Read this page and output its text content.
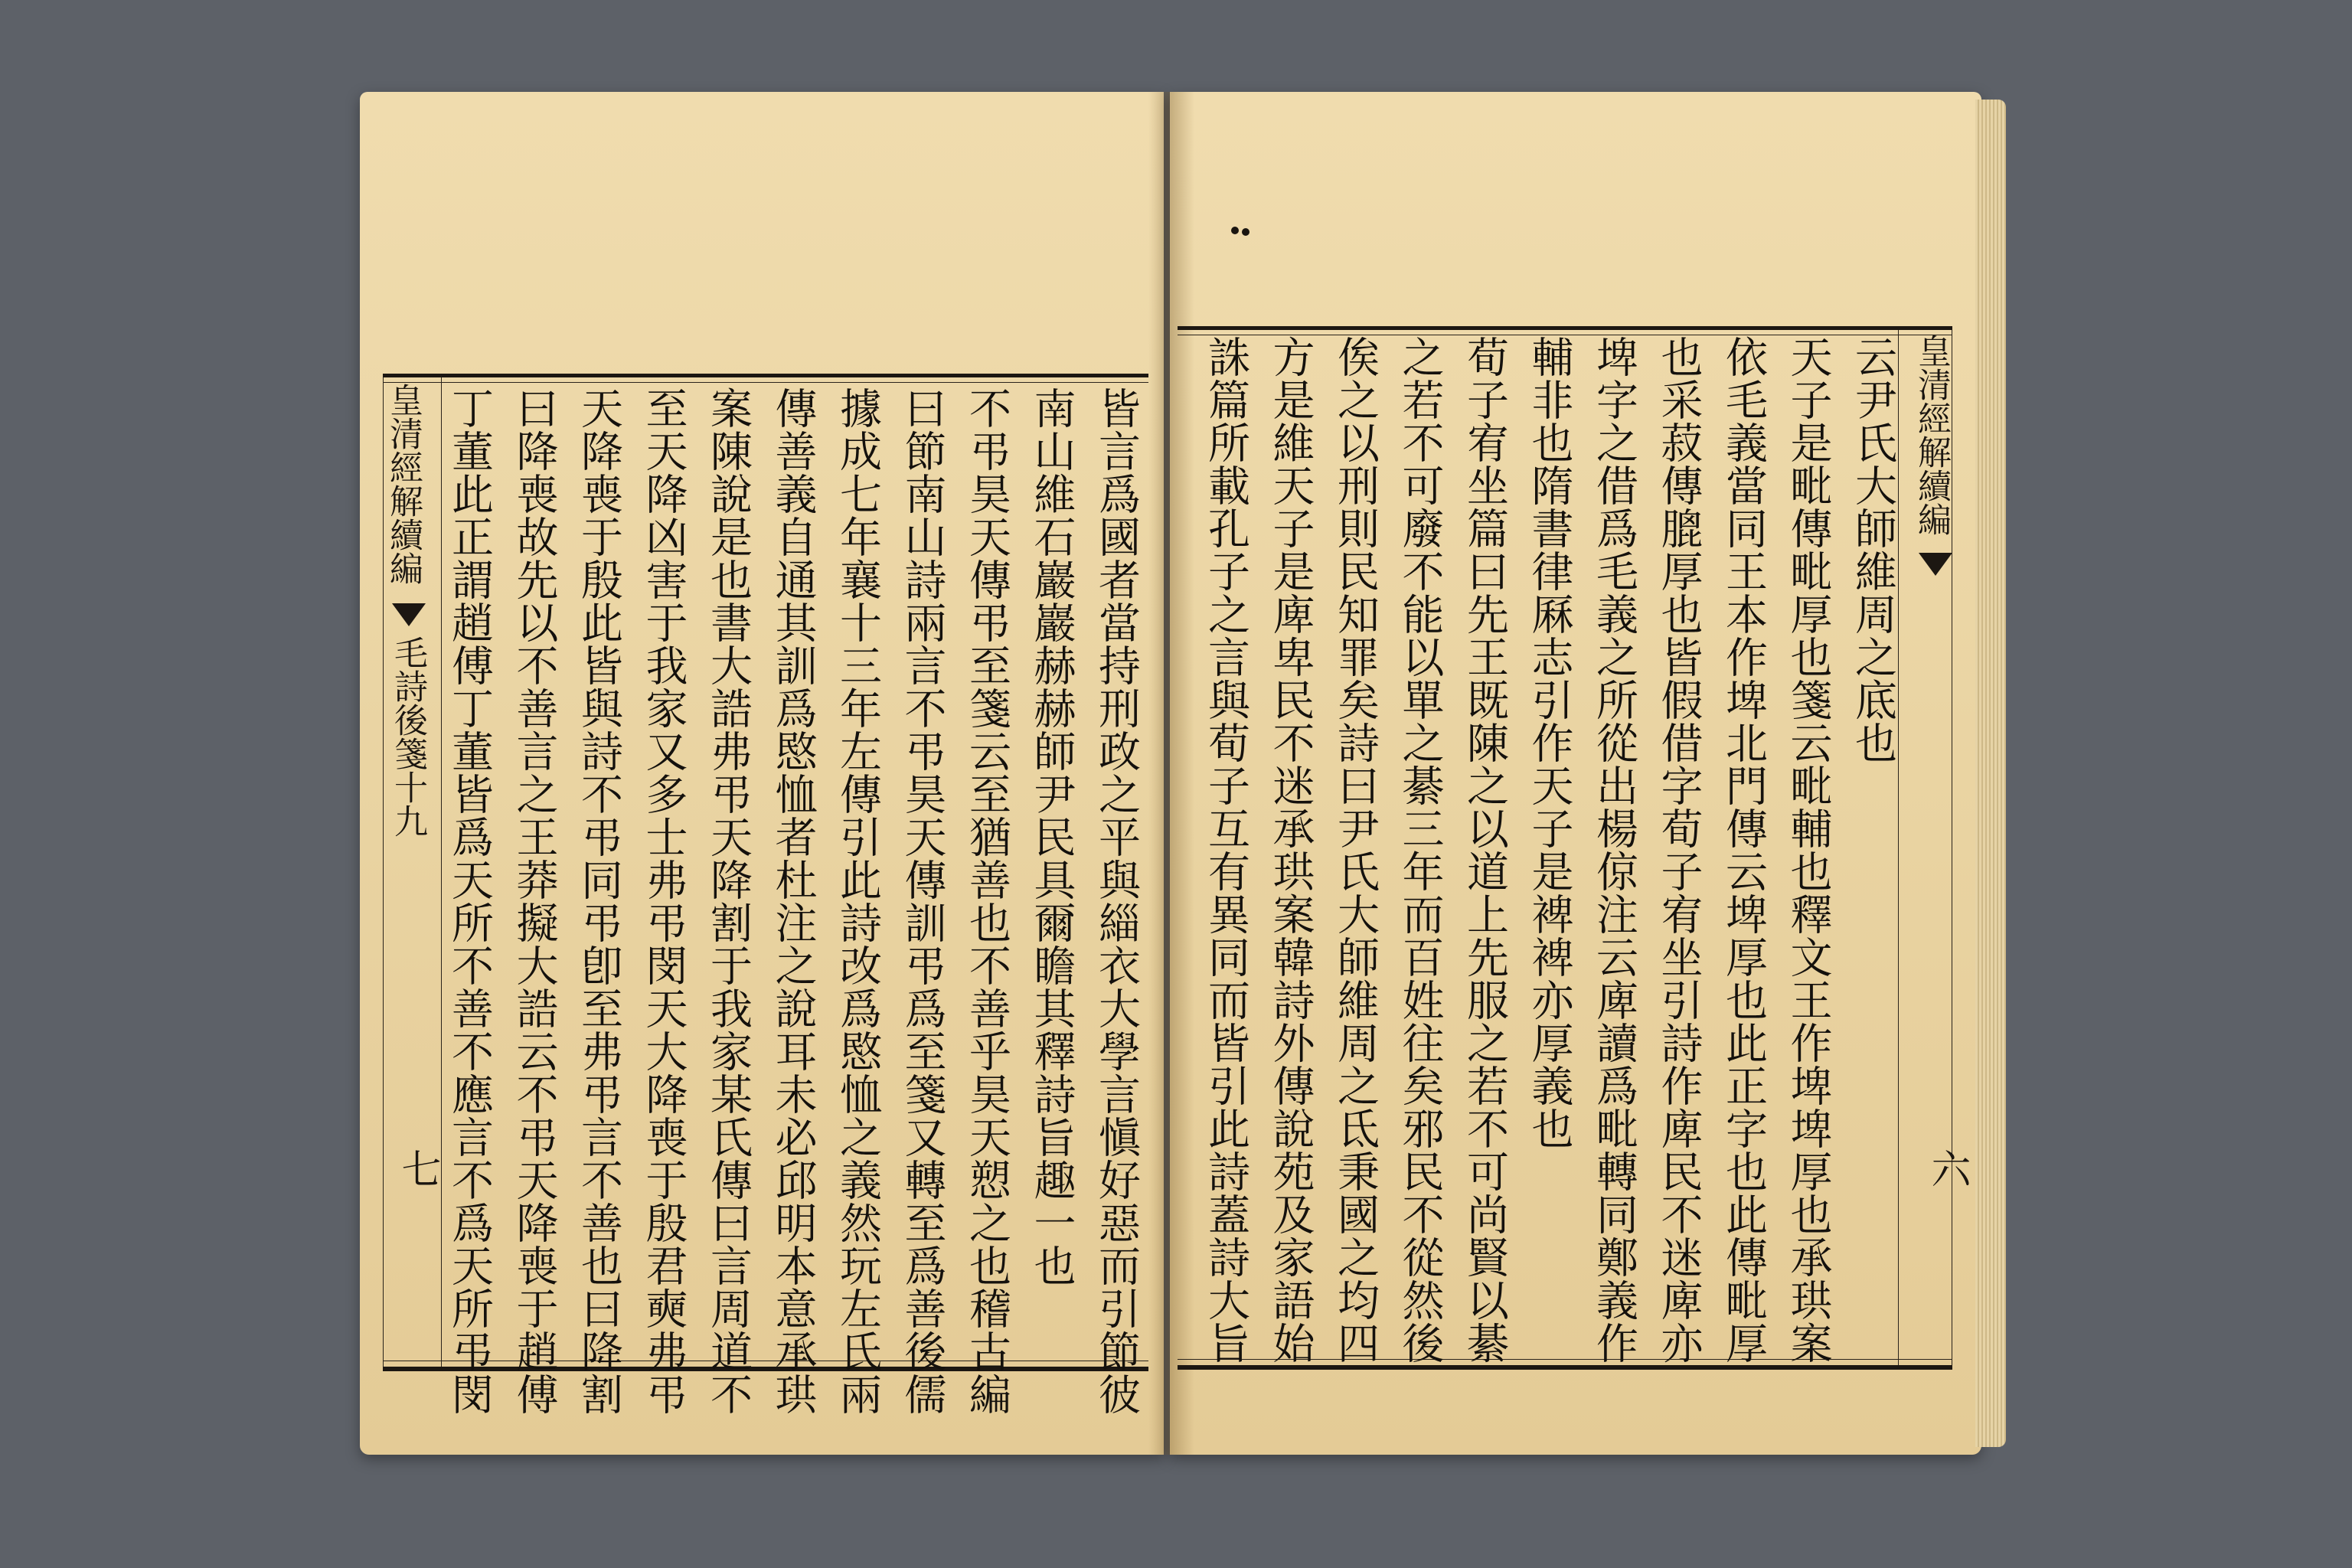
皇清經解續編
毛詩後箋十九
七	皆言爲國者當持刑政之平與緇衣大學言愼好惡而引節彼
南山維石巖巖赫赫師尹民具爾瞻其釋詩旨趣一也
不弔昊天傳弔至箋云至猶善也不善乎昊天愬之也稽古編
曰節南山詩兩言不弔昊天傳訓弔爲至箋又轉至爲善後儒
據成七年襄十三年左傳引此詩改爲愍恤之義然玩左氏兩
傳善義自通其訓爲愍恤者杜注之說耳未必邱明本意承珙
案陳說是也書大誥弗弔天降割于我家某氏傳曰言周道不
至天降凶害于我家又多士弗弔閔天大降喪于殷君奭弗弔
天降喪于殷此皆與詩不弔同弔卽至弗弔言不善也曰降割
曰降喪故先以不善言之王莽擬大誥云不弔天降喪于趙傅
丁董此正謂趙傅丁董皆爲天所不善不應言不爲天所弔閔	皇清經解續編
六
云尹氏大師維周之底也
天子是毗傳毗厚也箋云毗輔也釋文王作埤埤厚也承珙案
依毛義當同王本作埤北門傳云埤厚也此正字也此傳毗厚
也采菽傳膍厚也皆假借字荀子宥坐引詩作庳民不迷庳亦
埤字之借爲毛義之所從出楊倞注云庳讀爲毗轉同鄭義作
輔非也隋書律厤志引作天子是裨裨亦厚義也
荀子宥坐篇曰先王既陳之以道上先服之若不可尚賢以綦
之若不可廢不能以單之綦三年而百姓往矣邪民不從然後
俟之以刑則民知罪矣詩曰尹氏大師維周之氐秉國之均四
方是維天子是庳卑民不迷承珙案韓詩外傳說苑及家語始
誅篇所載孔子之言與荀子互有異同而皆引此詩蓋詩大旨
